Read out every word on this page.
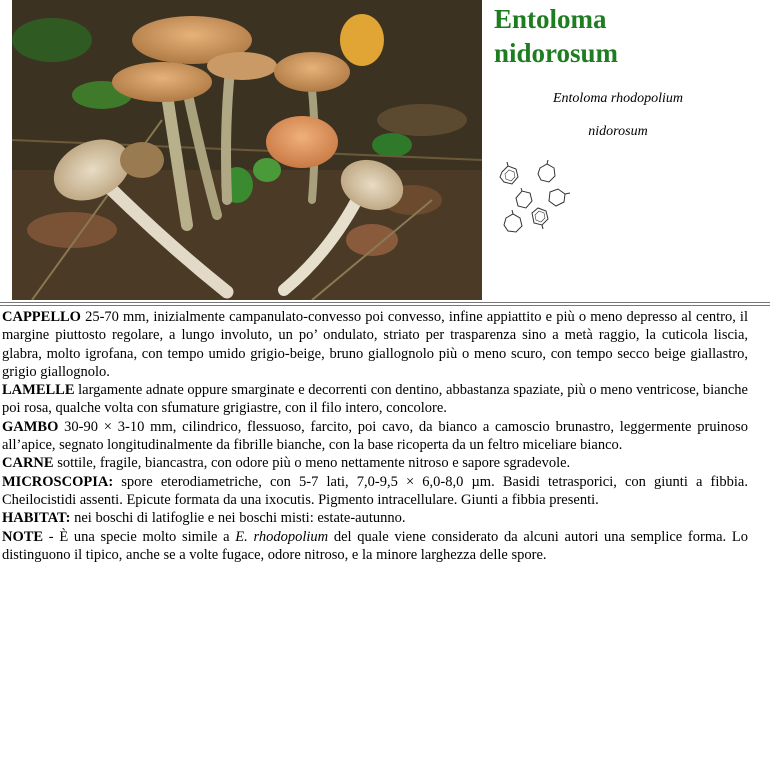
Entoloma
nidorosum
Entoloma rhodopolium
nidorosum

CAPPELLO 25-70 mm, inizialmente campanulato-convesso poi convesso, infine appiattito e più o meno depresso al centro, il margine piuttosto regolare, a lungo involuto, un po’ ondulato, striato per trasparenza sino a metà raggio, la cuticola liscia, glabra, molto igrofana, con tempo umido grigio-beige, bruno giallognolo più o meno scuro, con tempo secco beige giallastro, grigio giallognolo.

LAMELLE largamente adnate oppure smarginate e decorrenti con dentino, abbastanza spaziate, più o meno ventricose, bianche poi rosa, qualche volta con sfumature grigiastre, con il filo intero, concolore.

GAMBO 30-90 × 3-10 mm, cilindrico, flessuoso, farcito, poi cavo, da bianco a camoscio brunastro, leggermente pruinoso all’apice, segnato longitudinalmente da fibrille bianche, con la base ricoperta da un feltro miceliare bianco.

CARNE sottile, fragile, biancastra, con odore più o meno nettamente nitroso e sapore sgradevole.

MICROSCOPIA: spore eterodiametriche, con 5-7 lati, 7,0-9,5 × 6,0-8,0 µm. Basidi tetrasporici, con giunti a fibbia. Cheilocistidi assenti. Epicute formata da una ixocutis. Pigmento intracellulare. Giunti a fibbia presenti.

HABITAT: nei boschi di latifoglie e nei boschi misti: estate-autunno.

NOTE - È una specie molto simile a E. rhodopolium del quale viene considerato da alcuni autori una semplice forma. Lo distinguono il tipico, anche se a volte fugace, odore nitroso, e la minore larghezza delle spore.
